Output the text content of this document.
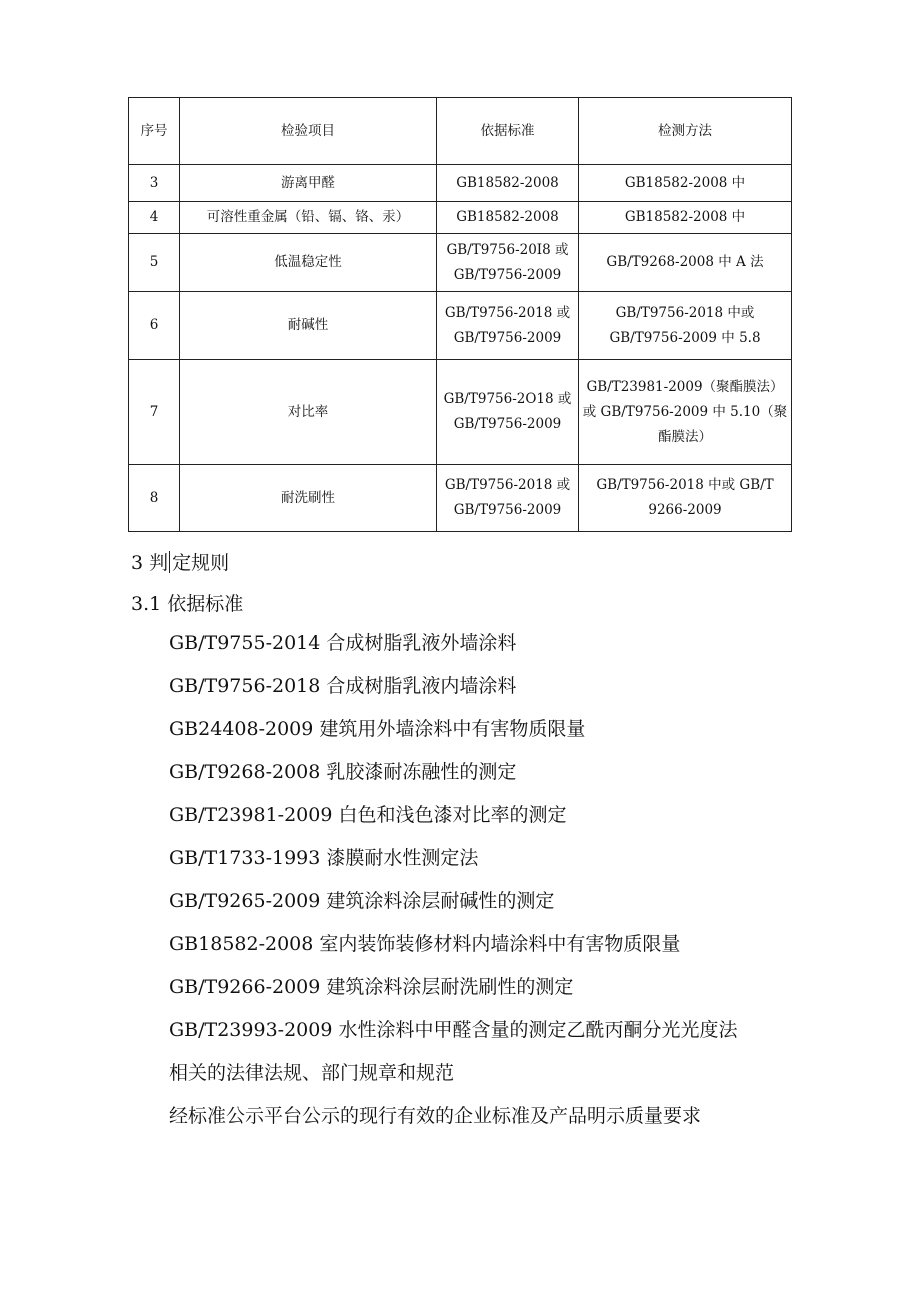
序号	检验项目	依据标准	检测方法
3	游离甲醛	GB18582-2008	GB18582-2008 中

4	可溶性重金属（铅、镉、铬、汞）	GB18582-2008	GB18582-2008 中

5	低温稳定性	GB/T9756-20I8 或
GB/T9756-2009	GB/T9268-2008 中 A 法

6	耐碱性	GB/T9756-2018 或
GB/T9756-2009	GB/T9756-2018 中或
GB/T9756-2009 中 5.8

7	对比率	GB/T9756-2O18 或
GB/T9756-2009	GB/T23981-2009（聚酯膜法）
或 GB/T9756-2009 中 5.10（聚
酯膜法）

8	耐洗刷性	GB/T9756-2018 或
GB/T9756-2009	GB/T9756-2018 中或 GB/T
9266-2009
3 判 定规则
3.1 依据标准
GB/T9755-2014 合成树脂乳液外墙涂料
GB/T9756-2018 合成树脂乳液内墙涂料
GB24408-2009 建筑用外墙涂料中有害物质限量
GB/T9268-2008 乳胶漆耐冻融性的测定
GB/T23981-2009 白色和浅色漆对比率的测定
GB/T1733-1993 漆膜耐水性测定法
GB/T9265-2009 建筑涂料涂层耐碱性的测定
GB18582-2008 室内装饰装修材料内墙涂料中有害物质限量
GB/T9266-2009 建筑涂料涂层耐洗刷性的测定
GB/T23993-2009 水性涂料中甲醛含量的测定乙酰丙酮分光光度法
相关的法律法规、部门规章和规范
经标准公示平台公示的现行有效的企业标准及产品明示质量要求
